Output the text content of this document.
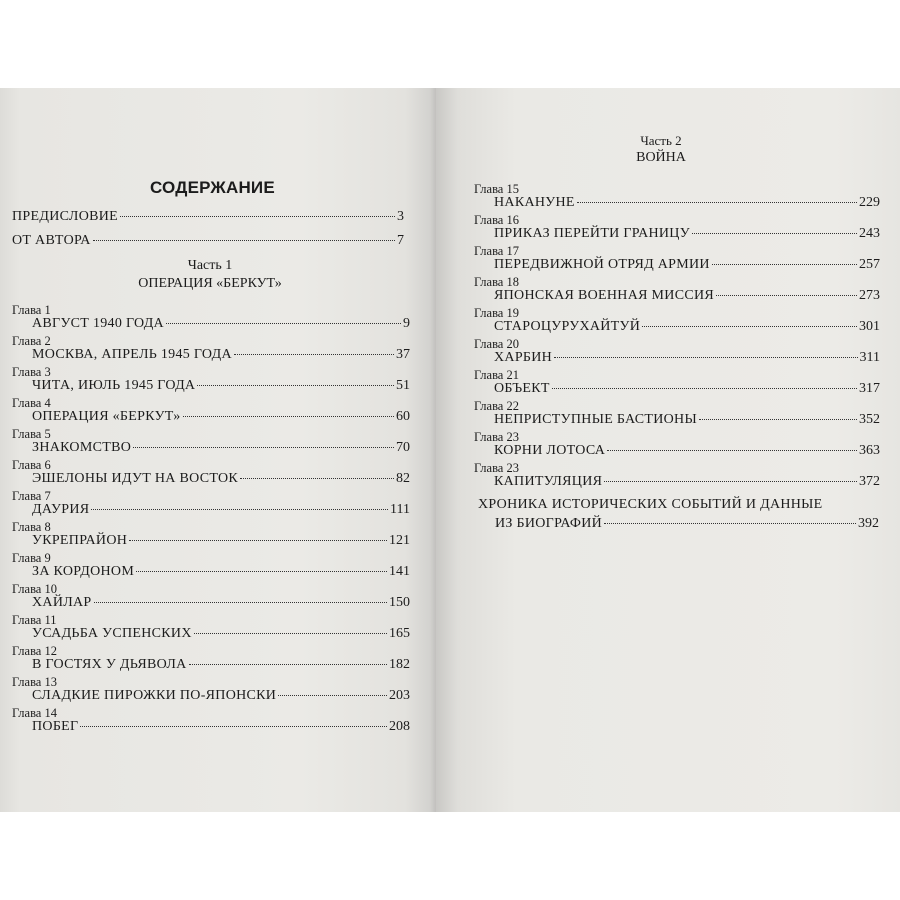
СОДЕРЖАНИЕ
ПРЕДИСЛОВИЕ	3
ОТ АВТОРА	7
Часть 1
ОПЕРАЦИЯ «БЕРКУТ»
Глава 1
АВГУСТ 1940 ГОДА	9
Глава 2
МОСКВА, АПРЕЛЬ 1945 ГОДА	37
Глава 3
ЧИТА, ИЮЛЬ 1945 ГОДА	51
Глава 4
ОПЕРАЦИЯ «БЕРКУТ»	60
Глава 5
ЗНАКОМСТВО	70
Глава 6
ЭШЕЛОНЫ ИДУТ НА ВОСТОК	82
Глава 7
ДАУРИЯ	111
Глава 8
УКРЕПРАЙОН	121
Глава 9
ЗА КОРДОНОМ	141
Глава 10
ХАЙЛАР	150
Глава 11
УСАДЬБА УСПЕНСКИХ	165
Глава 12
В ГОСТЯХ У ДЬЯВОЛА	182
Глава 13
СЛАДКИЕ ПИРОЖКИ ПО-ЯПОНСКИ	203
Глава 14
ПОБЕГ	208
Часть 2
ВОЙНА
Глава 15
НАКАНУНЕ	229
Глава 16
ПРИКАЗ ПЕРЕЙТИ ГРАНИЦУ	243
Глава 17
ПЕРЕДВИЖНОЙ ОТРЯД АРМИИ	257
Глава 18
ЯПОНСКАЯ ВОЕННАЯ МИССИЯ	273
Глава 19
СТАРОЦУРУХАЙТУЙ	301
Глава 20
ХАРБИН	311
Глава 21
ОБЪЕКТ	317
Глава 22
НЕПРИСТУПНЫЕ БАСТИОНЫ	352
Глава 23
КОРНИ ЛОТОСА	363
Глава 23
КАПИТУЛЯЦИЯ	372
ХРОНИКА ИСТОРИЧЕСКИХ СОБЫТИЙ И ДАННЫЕ
ИЗ БИОГРАФИЙ	392
